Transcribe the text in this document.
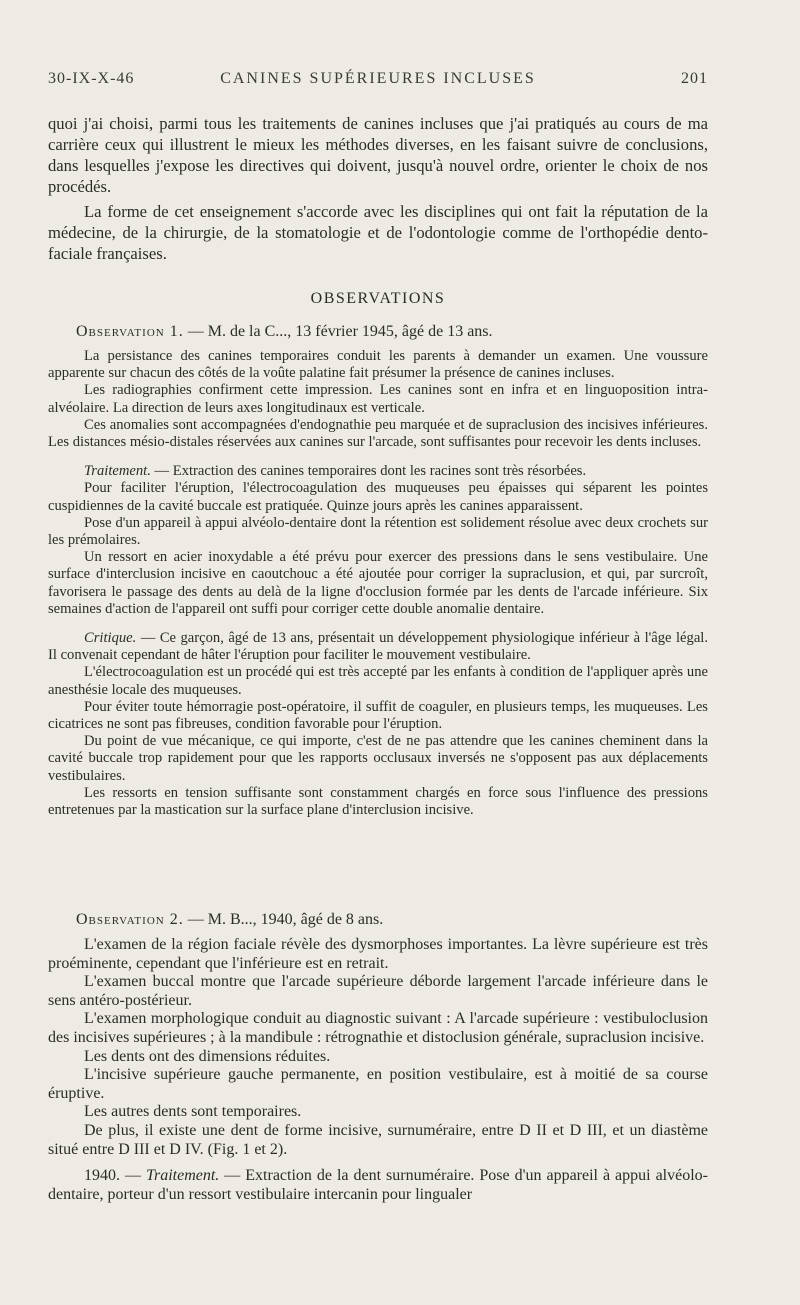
30-IX-X-46	CANINES SUPÉRIEURES INCLUSES	201

quoi j'ai choisi, parmi tous les traitements de canines incluses que j'ai pratiqués au cours de ma carrière ceux qui illustrent le mieux les méthodes diverses, en les faisant suivre de conclusions, dans lesquelles j'expose les directives qui doivent, jusqu'à nouvel ordre, orienter le choix de nos procédés.

La forme de cet enseignement s'accorde avec les disciplines qui ont fait la réputation de la médecine, de la chirurgie, de la stomatologie et de l'odontologie comme de l'orthopédie dento-faciale françaises.

OBSERVATIONS

Observation 1. — M. de la C..., 13 février 1945, âgé de 13 ans.

La persistance des canines temporaires conduit les parents à demander un examen. Une voussure apparente sur chacun des côtés de la voûte palatine fait présumer la présence de canines incluses.

Les radiographies confirment cette impression. Les canines sont en infra et en linguoposition intra-alvéolaire. La direction de leurs axes longitudinaux est verticale.

Ces anomalies sont accompagnées d'endognathie peu marquée et de supraclusion des incisives inférieures. Les distances mésio-distales réservées aux canines sur l'arcade, sont suffisantes pour recevoir les dents incluses.

Traitement. — Extraction des canines temporaires dont les racines sont très résorbées.

Pour faciliter l'éruption, l'électrocoagulation des muqueuses peu épaisses qui séparent les pointes cuspidiennes de la cavité buccale est pratiquée. Quinze jours après les canines apparaissent.

Pose d'un appareil à appui alvéolo-dentaire dont la rétention est solidement résolue avec deux crochets sur les prémolaires.

Un ressort en acier inoxydable a été prévu pour exercer des pressions dans le sens vestibulaire. Une surface d'interclusion incisive en caoutchouc a été ajoutée pour corriger la supraclusion, et qui, par surcroît, favorisera le passage des dents au delà de la ligne d'occlusion formée par les dents de l'arcade inférieure. Six semaines d'action de l'appareil ont suffi pour corriger cette double anomalie dentaire.

Critique. — Ce garçon, âgé de 13 ans, présentait un développement physiologique inférieur à l'âge légal. Il convenait cependant de hâter l'éruption pour faciliter le mouvement vestibulaire.

L'électrocoagulation est un procédé qui est très accepté par les enfants à condition de l'appliquer après une anesthésie locale des muqueuses.

Pour éviter toute hémorragie post-opératoire, il suffit de coaguler, en plusieurs temps, les muqueuses. Les cicatrices ne sont pas fibreuses, condition favorable pour l'éruption.

Du point de vue mécanique, ce qui importe, c'est de ne pas attendre que les canines cheminent dans la cavité buccale trop rapidement pour que les rapports occlusaux inversés ne s'opposent pas aux déplacements vestibulaires.

Les ressorts en tension suffisante sont constamment chargés en force sous l'influence des pressions entretenues par la mastication sur la surface plane d'interclusion incisive.

Observation 2. — M. B..., 1940, âgé de 8 ans.

L'examen de la région faciale révèle des dysmorphoses importantes. La lèvre supérieure est très proéminente, cependant que l'inférieure est en retrait.

L'examen buccal montre que l'arcade supérieure déborde largement l'arcade inférieure dans le sens antéro-postérieur.

L'examen morphologique conduit au diagnostic suivant : A l'arcade supérieure : vestibuloclusion des incisives supérieures ; à la mandibule : rétrognathie et distoclusion générale, supraclusion incisive.

Les dents ont des dimensions réduites.

L'incisive supérieure gauche permanente, en position vestibulaire, est à moitié de sa course éruptive.

Les autres dents sont temporaires.

De plus, il existe une dent de forme incisive, surnuméraire, entre D II et D III, et un diastème situé entre D III et D IV. (Fig. 1 et 2).

1940. — Traitement. — Extraction de la dent surnuméraire. Pose d'un appareil à appui alvéolo-dentaire, porteur d'un ressort vestibulaire intercanin pour lingualer
